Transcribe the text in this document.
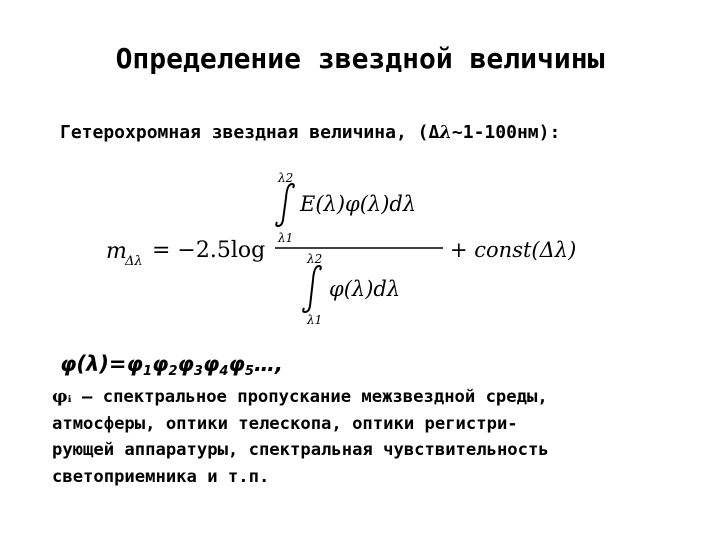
Определение звездной величины
Гетерохромная звездная величина, (Δλ~1-100нм):
m
Δλ = −2.5log
λ2
λ1
E(λ)φ(λ)dλ
λ2
λ1
φ(λ)dλ
+ const(Δλ)
$\varphi(\lambda)=\varphi_1\varphi_2\varphi_3\varphi_4\varphi_5\dots$,
φᵢ – спектральное пропускание межзвездной среды,
атмосферы, оптики телескопа, оптики регистри-
рующей аппаратуры, спектральная чувствительность
светоприемника и т.п.
